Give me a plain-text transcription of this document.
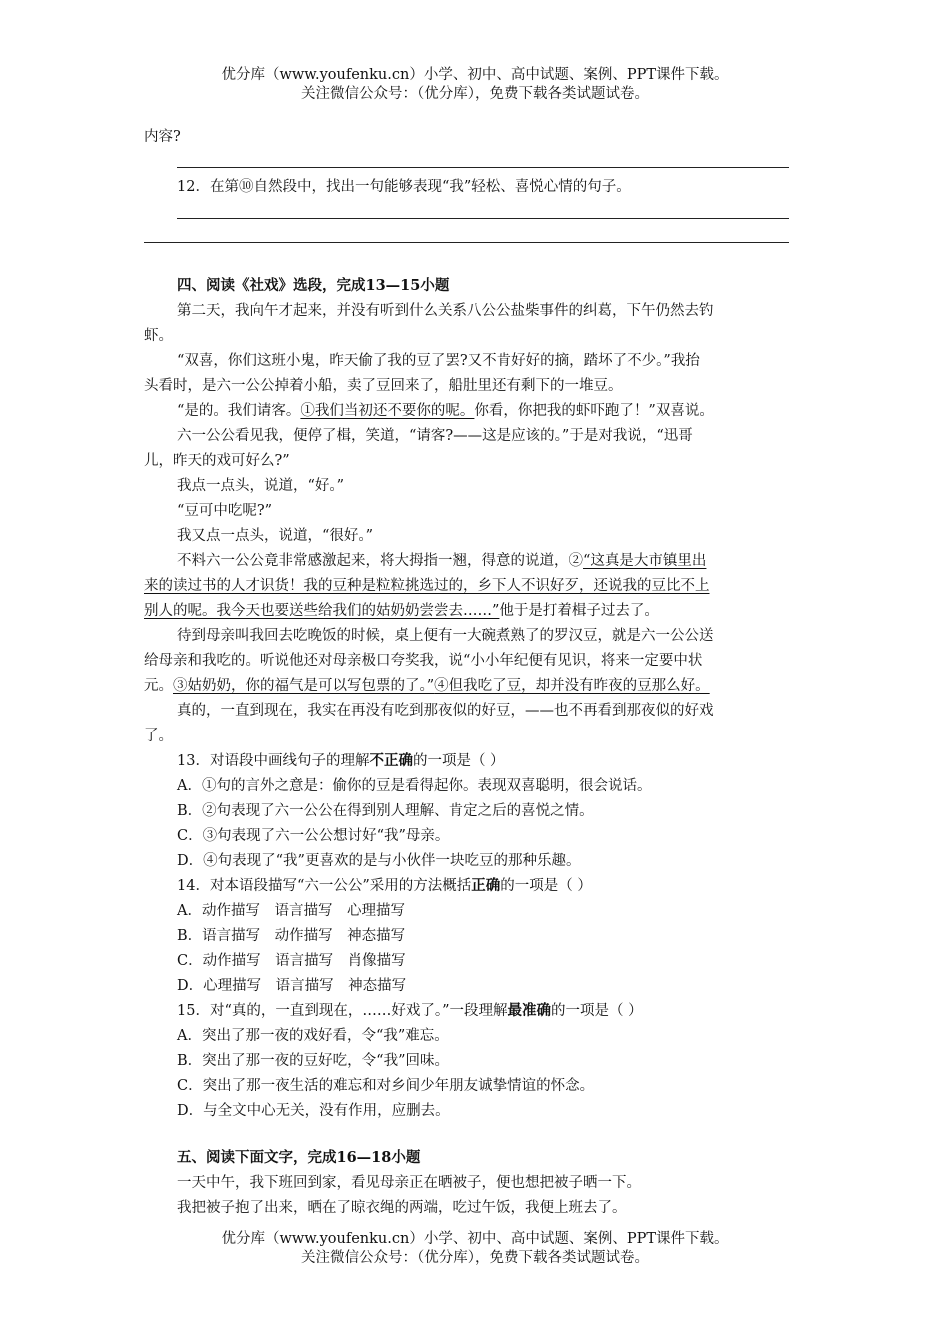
优分库（www.youfenku.cn）小学、初中、高中试题、案例、PPT课件下载。
关注微信公众号：（优分库），免费下载各类试题试卷。
内容?
12．在第⑩自然段中，找出一句能够表现“我”轻松、喜悦心情的句子。
四、阅读《社戏》选段，完成13—15小题
第二天，我向午才起来，并没有听到什么关系八公公盐柴事件的纠葛，下午仍然去钓
虾。
“双喜，你们这班小鬼，昨天偷了我的豆了罢?又不肯好好的摘，踏坏了不少。”我抬
头看时，是六一公公掉着小船，卖了豆回来了，船肚里还有剩下的一堆豆。
“是的。我们请客。①我们当初还不要你的呢。你看，你把我的虾吓跑了！”双喜说。
六一公公看见我，便停了楫，笑道，“请客?——这是应该的。”于是对我说，“迅哥
儿，昨天的戏可好么?”
我点一点头，说道，“好。”
“豆可中吃呢?”
我又点一点头，说道，“很好。”
不料六一公公竟非常感激起来，将大拇指一翘，得意的说道，②“这真是大市镇里出
来的读过书的人才识货！我的豆种是粒粒挑选过的，乡下人不识好歹，还说我的豆比不上
别人的呢。我今天也要送些给我们的姑奶奶尝尝去……”他于是打着楫子过去了。
待到母亲叫我回去吃晚饭的时候，桌上便有一大碗煮熟了的罗汉豆，就是六一公公送
给母亲和我吃的。听说他还对母亲极口夸奖我，说“小小年纪便有见识，将来一定要中状
元。③姑奶奶，你的福气是可以写包票的了。”④但我吃了豆，却并没有昨夜的豆那么好。
真的，一直到现在，我实在再没有吃到那夜似的好豆，——也不再看到那夜似的好戏
了。
13．对语段中画线句子的理解不正确的一项是（ ）
A．①句的言外之意是：偷你的豆是看得起你。表现双喜聪明，很会说话。
B．②句表现了六一公公在得到别人理解、肯定之后的喜悦之情。
C．③句表现了六一公公想讨好“我”母亲。
D．④句表现了“我”更喜欢的是与小伙伴一块吃豆的那种乐趣。
14．对本语段描写“六一公公”采用的方法概括正确的一项是（ ）
A．动作描写　语言描写　心理描写
B．语言描写　动作描写　神态描写
C．动作描写　语言描写　肖像描写
D．心理描写　语言描写　神态描写
15．对“真的，一直到现在，……好戏了。”一段理解最准确的一项是（ ）
A．突出了那一夜的戏好看，令“我”难忘。
B．突出了那一夜的豆好吃，令“我”回味。
C．突出了那一夜生活的难忘和对乡间少年朋友诚挚情谊的怀念。
D．与全文中心无关，没有作用，应删去。
五、阅读下面文字，完成16—18小题
一天中午，我下班回到家，看见母亲正在晒被子，便也想把被子晒一下。
我把被子抱了出来，晒在了晾衣绳的两端，吃过午饭，我便上班去了。
优分库（www.youfenku.cn）小学、初中、高中试题、案例、PPT课件下载。
关注微信公众号：（优分库），免费下载各类试题试卷。
